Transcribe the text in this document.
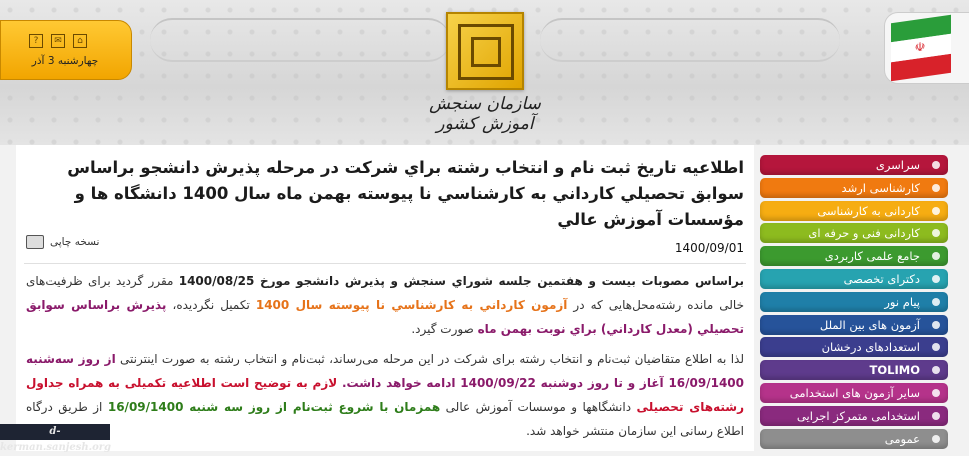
سازمان سنجش آموزش کشور
?	✉	⌂
چهارشنبه 3 آذر
☫
اطلاعيه تاريخ ثبت نام و انتخاب رشته براي شركت در مرحله پذيرش دانشجو براساس سوابق تحصيلي كارداني به كارشناسي نا پيوسته بهمن ماه سال 1400 دانشگاه ها و مؤسسات آموزش عالي
نسخه چاپی	1400/09/01
براساس مصوبات بیست و هفتمین جلسه شوراي سنجش و پذيرش دانشجو مورخ 1400/08/25 مقرر گردید برای ظرفیت‌های خالی مانده رشته‌محل‌هایی که در آزمون كارداني به كارشناسي نا پيوسته سال 1400 تکمیل نگردیده، پذيرش براساس سوابق تحصيلي (معدل كارداني) براي نوبت بهمن ماه صورت گیرد.
لذا به اطلاع متقاضیان ثبت‌نام و انتخاب رشته برای شرکت در این مرحله می‌رساند، ثبت‌نام و انتخاب رشته به صورت اینترنتی از روز سه‌شنبه 16/09/1400 آغاز و تا روز دوشنبه 1400/09/22 ادامه خواهد داشت. لازم به توضیح است اطلاعیه تکمیلی به همراه جداول رشته‌های تحصیلی دانشگاهها و موسسات آموزش عالی همزمان با شروع ثبت‌نام از روز سه شنبه 16/09/1400 از طریق درگاه اطلاع رسانی این سازمان منتشر خواهد شد.
سراسری
کارشناسی ارشد
کاردانی به کارشناسی
کاردانی فنی و حرفه ای
جامع علمی کاربردی
دکترای تخصصی
پیام نور
آزمون های بین الملل
استعدادهای درخشان
TOLIMO
سایر آزمون های استخدامی
استخدامی متمرکز اجرایی
عمومی
d-kerman.sanjesh.org
